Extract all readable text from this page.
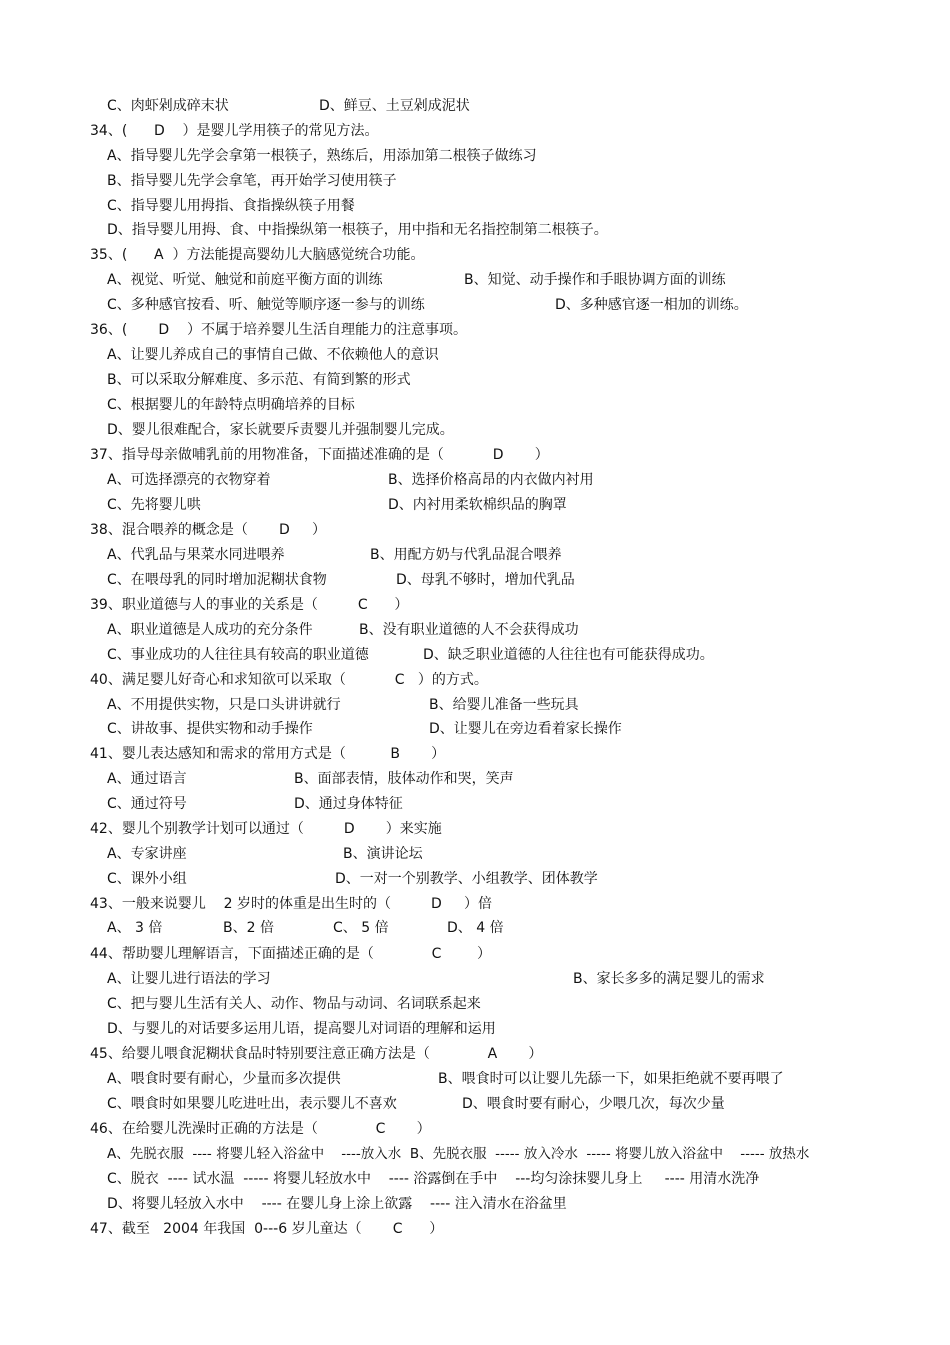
C、肉虾剁成碎末状	D、鲜豆、土豆剁成泥状
34、(      D    ）是婴儿学用筷子的常见方法。
A、指导婴儿先学会拿第一根筷子，熟练后，用添加第二根筷子做练习
B、指导婴儿先学会拿笔，再开始学习使用筷子
C、指导婴儿用拇指、食指操纵筷子用餐
D、指导婴儿用拇、食、中指操纵第一根筷子，用中指和无名指控制第二根筷子。
35、(      A  ）方法能提高婴幼儿大脑感觉统合功能。
A、视觉、听觉、触觉和前庭平衡方面的训练	B、知觉、动手操作和手眼协调方面的训练
C、多种感官按看、听、触觉等顺序逐一参与的训练	D、多种感官逐一相加的训练。
36、(       D    ）不属于培养婴儿生活自理能力的注意事项。
A、让婴儿养成自己的事情自己做、不依赖他人的意识
B、可以采取分解难度、多示范、有简到繁的形式
C、根据婴儿的年龄特点明确培养的目标
D、婴儿很难配合，家长就要斥责婴儿并强制婴儿完成。
37、指导母亲做哺乳前的用物准备，下面描述准确的是（           D       ）
A、可选择漂亮的衣物穿着	B、选择价格高昂的内衣做内衬用
C、先将婴儿哄	D、内衬用柔软棉织品的胸罩
38、混合喂养的概念是（       D     ）
A、代乳品与果菜水同进喂养	B、用配方奶与代乳品混合喂养
C、在喂母乳的同时增加泥糊状食物	D、母乳不够时，增加代乳品
39、职业道德与人的事业的关系是（         C      ）
A、职业道德是人成功的充分条件	B、没有职业道德的人不会获得成功
C、事业成功的人往往具有较高的职业道德	D、缺乏职业道德的人往往也有可能获得成功。
40、满足婴儿好奇心和求知欲可以采取（           C   ）的方式。
A、不用提供实物，只是口头讲讲就行	B、给婴儿准备一些玩具
C、讲故事、提供实物和动手操作	D、让婴儿在旁边看着家长操作
41、婴儿表达感知和需求的常用方式是（          B       ）
A、通过语言	B、面部表情，肢体动作和哭，笑声
C、通过符号	D、通过身体特征
42、婴儿个别教学计划可以通过（         D       ）来实施
A、专家讲座	B、演讲论坛
C、课外小组	D、一对一个别教学、小组教学、团体教学
43、一般来说婴儿    2 岁时的体重是出生时的（         D     ）倍
A、 3 倍	B、2 倍	C、 5 倍	D、 4 倍
44、帮助婴儿理解语言，下面描述正确的是（             C        ）
A、让婴儿进行语法的学习	B、家长多多的满足婴儿的需求
C、把与婴儿生活有关人、动作、物品与动词、名词联系起来
D、与婴儿的对话要多运用儿语，提高婴儿对词语的理解和运用
45、给婴儿喂食泥糊状食品时特别要注意正确方法是（             A       ）
A、喂食时要有耐心，少量而多次提供	B、喂食时可以让婴儿先舔一下，如果拒绝就不要再喂了
C、喂食时如果婴儿吃进吐出，表示婴儿不喜欢	D、喂食时要有耐心，少喂几次，每次少量
46、在给婴儿洗澡时正确的方法是（             C       ）
A、先脱衣服  ---- 将婴儿轻入浴盆中    ----放入水  B、先脱衣服  ----- 放入冷水  ----- 将婴儿放入浴盆中    ----- 放热水
C、脱衣  ---- 试水温  ----- 将婴儿轻放水中    ---- 浴露倒在手中    ---均匀涂抹婴儿身上     ---- 用清水洗净
D、将婴儿轻放入水中    ---- 在婴儿身上涂上欲露    ---- 注入清水在浴盆里
47、截至   2004 年我国  0---6 岁儿童达（       C      ）
